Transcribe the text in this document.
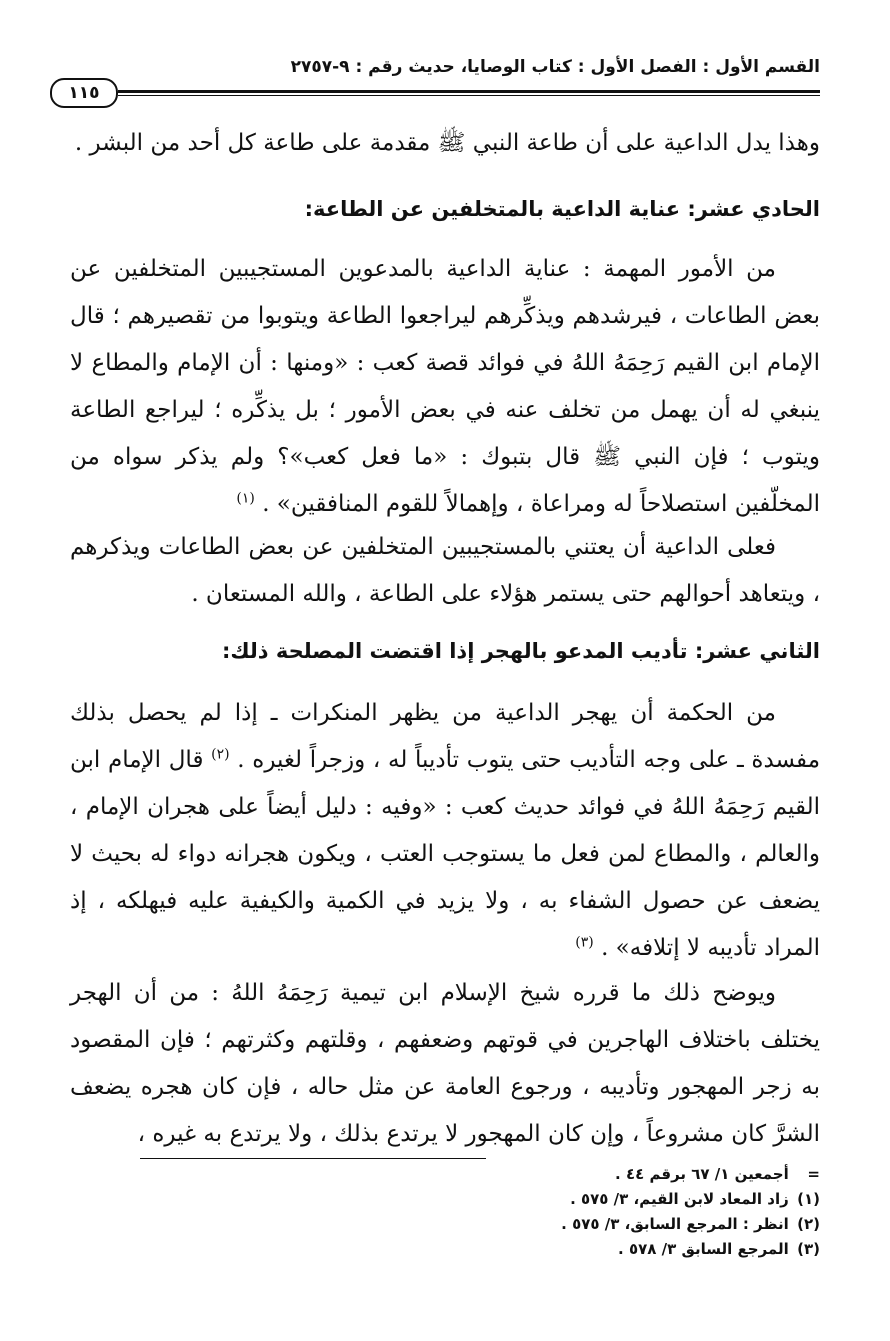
القسم الأول : الفصل الأول : كتاب الوصايا، حديث رقم : ٩-٢٧٥٧
١١٥
وهذا يدل الداعية على أن طاعة النبي ﷺ مقدمة على طاعة كل أحد من البشر .
الحادي عشر: عناية الداعية بالمتخلفين عن الطاعة:
من الأمور المهمة : عناية الداعية بالمدعوين المستجيبين المتخلفين عن بعض الطاعات ، فيرشدهم ويذكِّرهم ليراجعوا الطاعة ويتوبوا من تقصيرهم ؛ قال الإمام ابن القيم رَحِمَهُ اللهُ في فوائد قصة كعب : «ومنها : أن الإمام والمطاع لا ينبغي له أن يهمل من تخلف عنه في بعض الأمور ؛ بل يذكِّره ؛ ليراجع الطاعة ويتوب ؛ فإن النبي ﷺ قال بتبوك : «ما فعل كعب»؟ ولم يذكر سواه من المخلّفين استصلاحاً له ومراعاة ، وإهمالاً للقوم المنافقين» . $^{(١)}$
فعلى الداعية أن يعتني بالمستجيبين المتخلفين عن بعض الطاعات ويذكرهم ، ويتعاهد أحوالهم حتى يستمر هؤلاء على الطاعة ، والله المستعان .
الثاني عشر: تأديب المدعو بالهجر إذا اقتضت المصلحة ذلك:
من الحكمة أن يهجر الداعية من يظهر المنكرات ـ إذا لم يحصل بذلك مفسدة ـ على وجه التأديب حتى يتوب تأديباً له ، وزجراً لغيره . $^{(٢)}$ قال الإمام ابن القيم رَحِمَهُ اللهُ في فوائد حديث كعب : «وفيه : دليل أيضاً على هجران الإمام ، والعالم ، والمطاع لمن فعل ما يستوجب العتب ، ويكون هجرانه دواء له بحيث لا يضعف عن حصول الشفاء به ، ولا يزيد في الكمية والكيفية عليه فيهلكه ، إذ المراد تأديبه لا إتلافه» . $^{(٣)}$
ويوضح ذلك ما قرره شيخ الإسلام ابن تيمية رَحِمَهُ اللهُ : من أن الهجر يختلف باختلاف الهاجرين في قوتهم وضعفهم ، وقلتهم وكثرتهم ؛ فإن المقصود به زجر المهجور وتأديبه ، ورجوع العامة عن مثل حاله ، فإن كان هجره يضعف الشرَّ كان مشروعاً ، وإن كان المهجور لا يرتدع بذلك ، ولا يرتدع به غيره ،
= أجمعين ١/ ٦٧ برقم ٤٤ .
(١) زاد المعاد لابن القيم، ٣/ ٥٧٥ .
(٢) انظر : المرجع السابق، ٣/ ٥٧٥ .
(٣) المرجع السابق ٣/ ٥٧٨ .
